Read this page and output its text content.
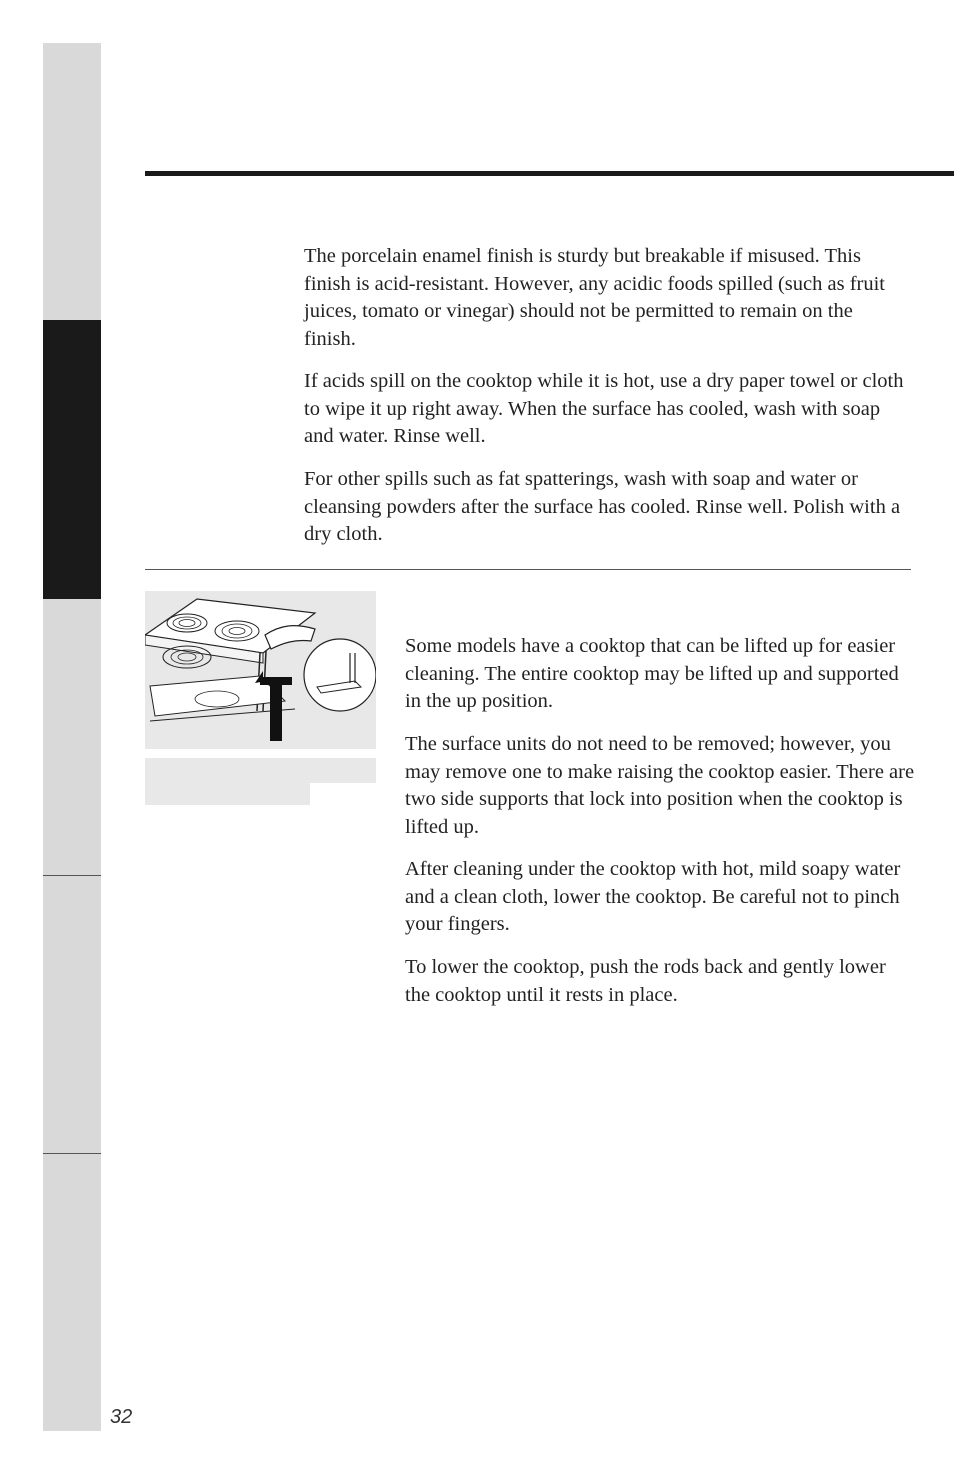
The porcelain enamel finish is sturdy but breakable if misused. This finish is acid-resistant. However, any acidic foods spilled (such as fruit juices, tomato or vinegar) should not be permitted to remain on the finish.

If acids spill on the cooktop while it is hot, use a dry paper towel or cloth to wipe it up right away. When the surface has cooled, wash with soap and water. Rinse well.

For other spills such as fat spatterings, wash with soap and water or cleansing powders after the surface has cooled. Rinse well. Polish with a dry cloth.

Some models have a cooktop that can be lifted up for easier cleaning. The entire cooktop may be lifted up and supported in the up position.

The surface units do not need to be removed; however, you may remove one to make raising the cooktop easier. There are two side supports that lock into position when the cooktop is lifted up.

After cleaning under the cooktop with hot, mild soapy water and a clean cloth, lower the cooktop. Be careful not to pinch your fingers.

To lower the cooktop, push the rods back and gently lower the cooktop until it rests in place.

32
